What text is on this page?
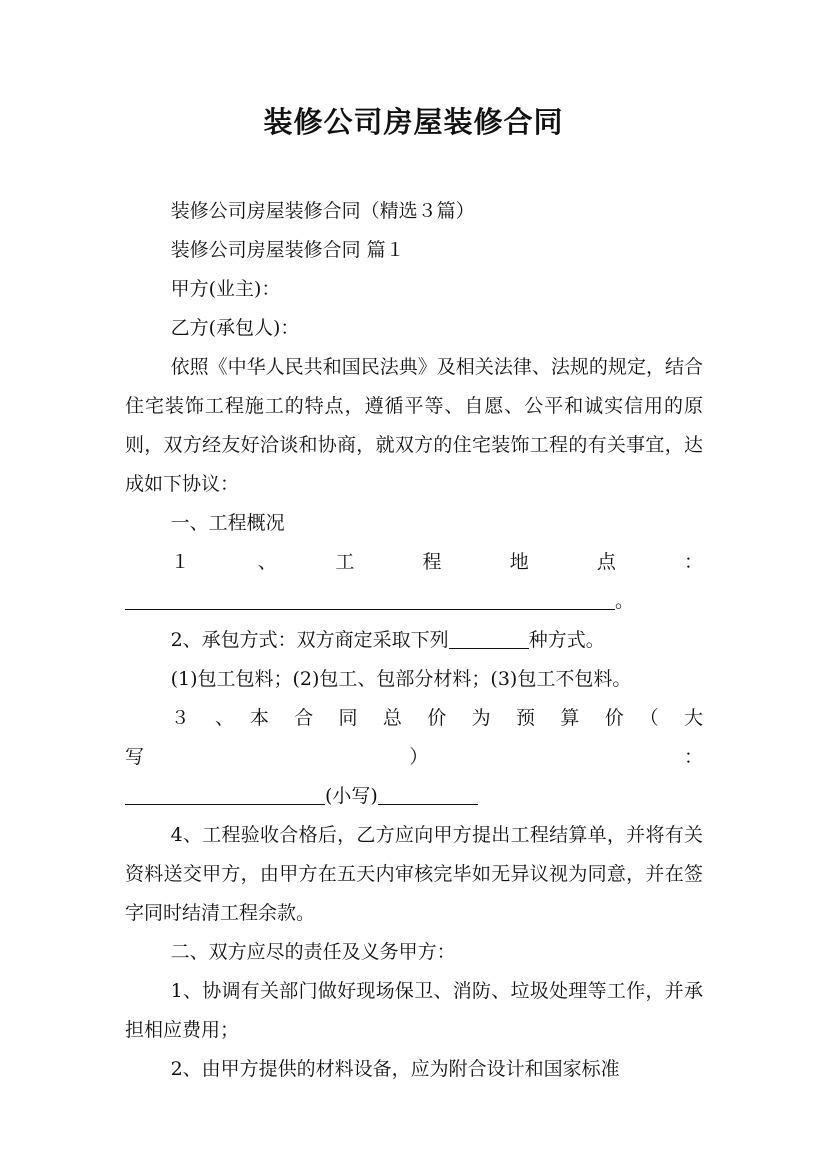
装修公司房屋装修合同

装修公司房屋装修合同（精选３篇）

装修公司房屋装修合同 篇１

甲方(业主)：

乙方(承包人)：

依照《中华人民共和国民法典》及相关法律、法规的规定，结合住宅装饰工程施工的特点，遵循平等、自愿、公平和诚实信用的原则，双方经友好洽谈和协商，就双方的住宅装饰工程的有关事宜，达成如下协议：

一、工程概况

１　、　工　程　地　点　：

。

2、承包方式：双方商定采取下列	种方式。

(1)包工包料；(2)包工、包部分材料；(3)包工不包料。

３　、　本　合　同　总　价　为　预　算　价　（　大　写　）　：

(小写)

4、工程验收合格后，乙方应向甲方提出工程结算单，并将有关资料送交甲方，由甲方在五天内审核完毕如无异议视为同意，并在签字同时结清工程余款。

二、双方应尽的责任及义务甲方：

1、协调有关部门做好现场保卫、消防、垃圾处理等工作，并承担相应费用；

2、由甲方提供的材料设备，应为附合设计和国家标准
